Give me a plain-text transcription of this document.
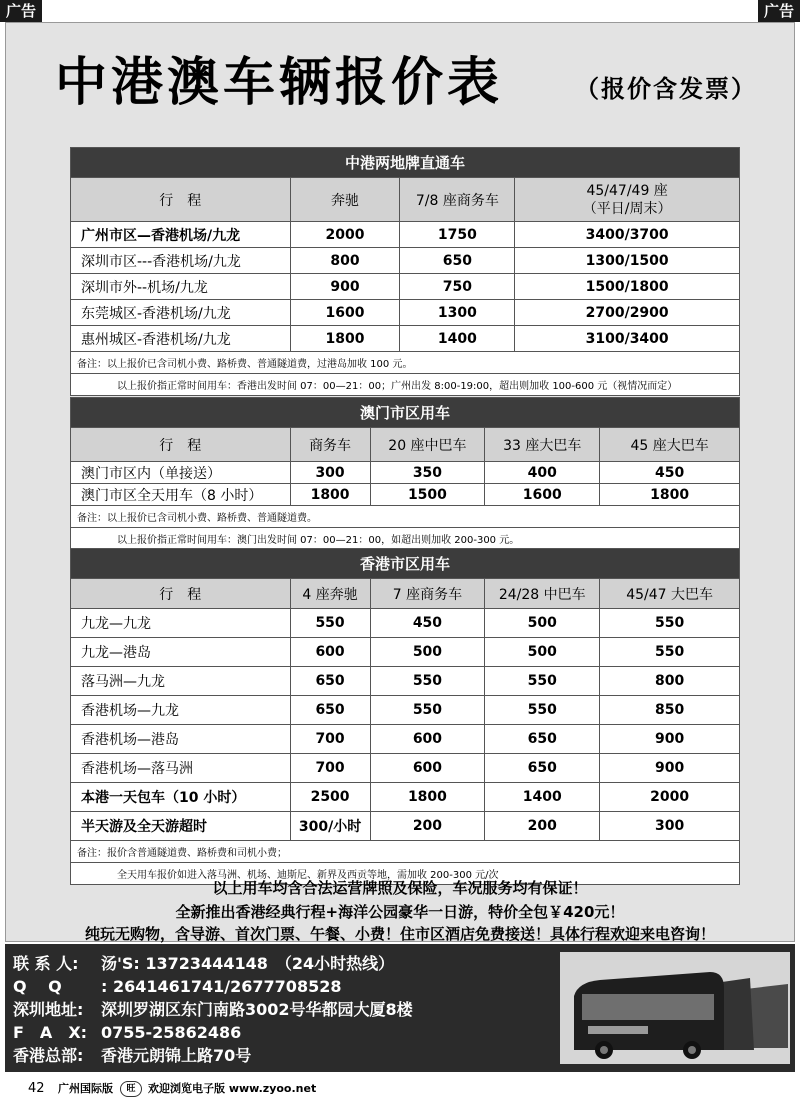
广告	广告
中港澳车辆报价表	（报价含发票）
中港两地牌直通车			
行　程	奔驰	7/8 座商务车	45/47/49 座
（平日/周末）

广州市区—香港机场/九龙	2000	1750	3400/3700
深圳市区---香港机场/九龙	800	650	1300/1500
深圳市外--机场/九龙	900	750	1500/1800
东莞城区-香港机场/九龙	1600	1300	2700/2900
惠州城区-香港机场/九龙	1800	1400	3100/3400
备注：以上报价已含司机小费、路桥费、普通隧道费，过港岛加收 100 元。			
以上报价指正常时间用车：香港出发时间 07：00—21：00；广州出发 8:00-19:00，超出则加收 100-600 元（视情况而定）			
澳门市区用车				
行　程	商务车	20 座中巴车	33 座大巴车	45 座大巴车
澳门市区内（单接送）	300	350	400	450
澳门市区全天用车（8 小时）	1800	1500	1600	1800
备注：以上报价已含司机小费、路桥费、普通隧道费。				
以上报价指正常时间用车：澳门出发时间 07：00—21：00，如超出则加收 200-300 元。				
香港市区用车				
行　程	4 座奔驰	7 座商务车	24/28 中巴车	45/47 大巴车
九龙—九龙	550	450	500	550
九龙—港岛	600	500	500	550
落马洲—九龙	650	550	550	800
香港机场—九龙	650	550	550	850
香港机场—港岛	700	600	650	900
香港机场—落马洲	700	600	650	900
本港一天包车（10 小时）	2500	1800	1400	2000
半天游及全天游超时	300/小时	200	200	300
备注：报价含普通隧道费、路桥费和司机小费；				
全天用车报价如进入落马洲、机场、迪斯尼、新界及西贡等地，需加收 200-300 元/次				
以上用车均含合法运营牌照及保险，车况服务均有保证！
全新推出香港经典行程+海洋公园豪华一日游，特价全包￥420元！
纯玩无购物，含导游、首次门票、午餐、小费！住市区酒店免费接送！具体行程欢迎来电咨询！
联 系 人: 汤'S: 13723444148　（24小时热线）
Q　 Q : 2641461741/2677708528
深圳地址: 深圳罗湖区东门南路3002号华都园大厦8楼
F　A　X: 0755-25862486
香港总部: 香港元朗锦上路70号
42 广州国际版	旺	欢迎浏览电子版 www.zyoo.net
